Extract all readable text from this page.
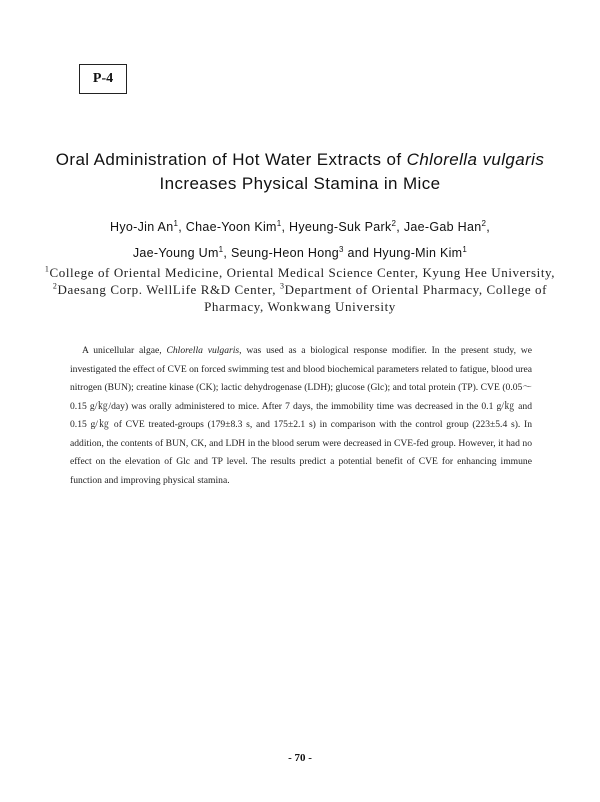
P-4
Oral Administration of Hot Water Extracts of Chlorella vulgaris Increases Physical Stamina in Mice
Hyo-Jin An$^1$, Chae-Yoon Kim$^1$, Hyeung-Suk Park$^2$, Jae-Gab Han$^2$,
Jae-Young Um$^1$, Seung-Heon Hong$^3$ and Hyung-Min Kim$^1$
$^1$College of Oriental Medicine, Oriental Medical Science Center, Kyung Hee University, $^2$Daesang Corp. WellLife R&D Center, $^3$Department of Oriental Pharmacy, College of Pharmacy, Wonkwang University

A unicellular algae, Chlorella vulgaris, was used as a biological response modifier. In the present study, we investigated the effect of CVE on forced swimming test and blood biochemical parameters related to fatigue, blood urea nitrogen (BUN); creatine kinase (CK); lactic dehydrogenase (LDH); glucose (Glc); and total protein (TP). CVE (0.05～0.15 g/㎏/day) was orally administered to mice. After 7 days, the immobility time was decreased in the 0.1 g/㎏ and 0.15 g/㎏ of CVE treated-groups (179±8.3 s, and 175±2.1 s) in comparison with the control group (223±5.4 s). In addition, the contents of BUN, CK, and LDH in the blood serum were decreased in CVE-fed group. However, it had no effect on the elevation of Glc and TP level. The results predict a potential benefit of CVE for enhancing immune function and improving physical stamina.

- 70 -
